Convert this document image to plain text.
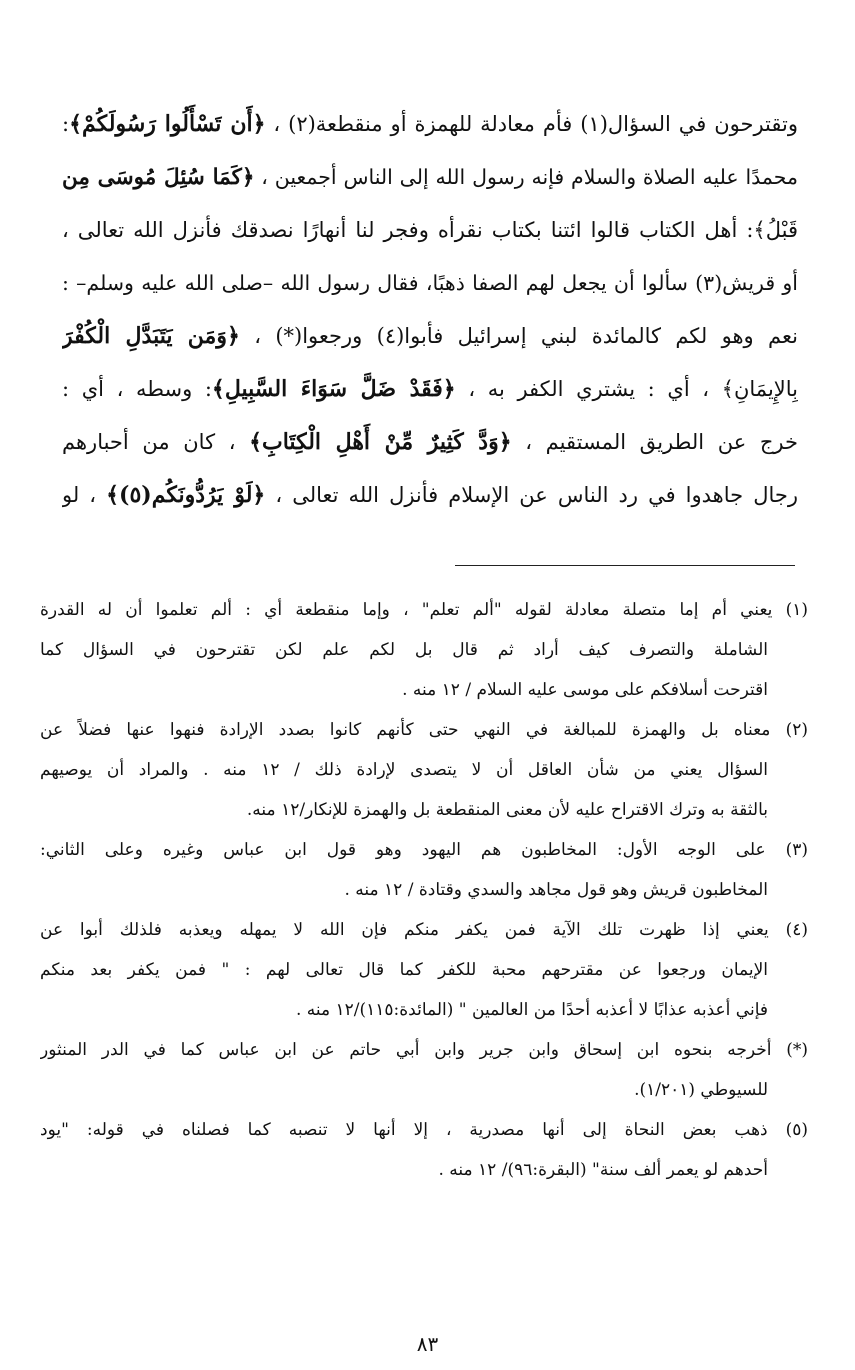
وتقترحون في السؤال(١) فأم معادلة للهمزة أو منقطعة(٢) ، ﴿أَن تَسْأَلُوا رَسُولَكُمْ﴾:
محمدًا عليه الصلاة والسلام فإنه رسول الله إلى الناس أجمعين ، ﴿كَمَا سُئِلَ مُوسَى مِن
قَبْلُ﴾: أهل الكتاب قالوا ائتنا بكتاب نقرأه وفجر لنا أنهارًا نصدقك فأنزل الله تعالى ،
أو قريش(٣) سألوا أن يجعل لهم الصفا ذهبًا، فقال رسول الله –صلى الله عليه وسلم– :
نعم وهو لكم كالمائدة لبني إسرائيل فأبوا(٤) ورجعوا(*) ، ﴿وَمَن يَتَبَدَّلِ الْكُفْرَ
بِالإِيمَانِ﴾ ، أي : يشتري الكفر به ، ﴿فَقَدْ ضَلَّ سَوَاءَ السَّبِيلِ﴾: وسطه ، أي :
خرج عن الطريق المستقيم ، ﴿وَدَّ كَثِيرٌ مِّنْ أَهْلِ الْكِتَابِ﴾ ، كان من أحبارهم
رجال جاهدوا في رد الناس عن الإسلام فأنزل الله تعالى ، ﴿لَوْ يَرُدُّونَكُم(٥)﴾ ، لو
(١) يعني أم إما متصلة معادلة لقوله "ألم تعلم" ، وإما منقطعة أي : ألم تعلموا أن له القدرة
الشاملة والتصرف كيف أراد ثم قال بل لكم علم لكن تقترحون في السؤال كما
اقترحت أسلافكم على موسى عليه السلام / ١٢ منه .
(٢) معناه بل والهمزة للمبالغة في النهي حتى كأنهم كانوا بصدد الإرادة فنهوا عنها فضلاً عن
السؤال يعني من شأن العاقل أن لا يتصدى لإرادة ذلك / ١٢ منه . والمراد أن يوصيهم
بالثقة به وترك الاقتراح عليه لأن معنى المنقطعة بل والهمزة للإنكار/١٢ منه.
(٣) على الوجه الأول: المخاطبون هم اليهود وهو قول ابن عباس وغيره وعلى الثاني:
المخاطبون قريش وهو قول مجاهد والسدي وقتادة / ١٢ منه .
(٤) يعني إذا ظهرت تلك الآية فمن يكفر منكم فإن الله لا يمهله ويعذبه فلذلك أبوا عن
الإيمان ورجعوا عن مقترحهم محبة للكفر كما قال تعالى لهم : " فمن يكفر بعد منكم
فإني أعذبه عذابًا لا أعذبه أحدًا من العالمين " (المائدة:١١٥)/١٢ منه .
(*) أخرجه بنحوه ابن إسحاق وابن جرير وابن أبي حاتم عن ابن عباس كما في الدر المنثور
للسيوطي (١/٢٠١).
(٥) ذهب بعض النحاة إلى أنها مصدرية ، إلا أنها لا تنصبه كما فصلناه في قوله: "يود
أحدهم لو يعمر ألف سنة" (البقرة:٩٦)/ ١٢ منه .
٨٣
